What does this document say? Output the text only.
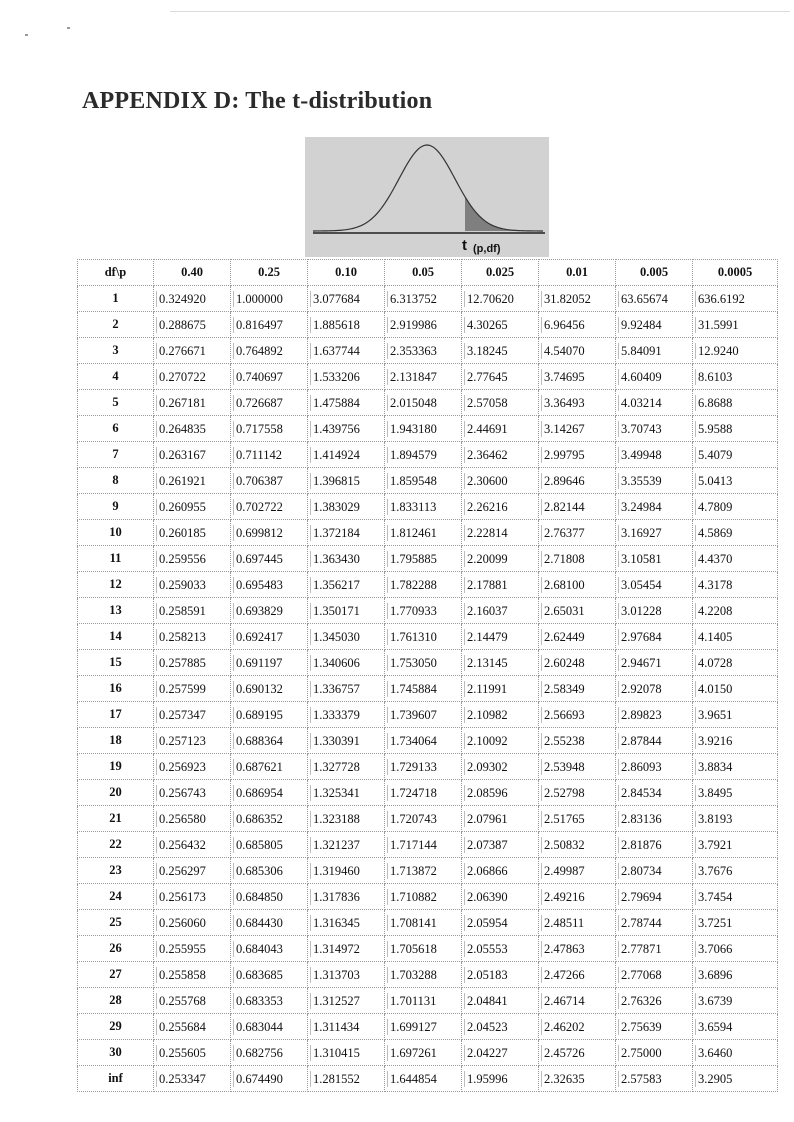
APPENDIX D: The t-distribution
t (p,df)
df\p	0.40	0.25	0.10	0.05	0.025	0.01	0.005	0.0005
1	0.324920	1.000000	3.077684	6.313752	12.70620	31.82052	63.65674	636.6192
2	0.288675	0.816497	1.885618	2.919986	4.30265	6.96456	9.92484	31.5991
3	0.276671	0.764892	1.637744	2.353363	3.18245	4.54070	5.84091	12.9240
4	0.270722	0.740697	1.533206	2.131847	2.77645	3.74695	4.60409	8.6103
5	0.267181	0.726687	1.475884	2.015048	2.57058	3.36493	4.03214	6.8688
6	0.264835	0.717558	1.439756	1.943180	2.44691	3.14267	3.70743	5.9588
7	0.263167	0.711142	1.414924	1.894579	2.36462	2.99795	3.49948	5.4079
8	0.261921	0.706387	1.396815	1.859548	2.30600	2.89646	3.35539	5.0413
9	0.260955	0.702722	1.383029	1.833113	2.26216	2.82144	3.24984	4.7809
10	0.260185	0.699812	1.372184	1.812461	2.22814	2.76377	3.16927	4.5869
11	0.259556	0.697445	1.363430	1.795885	2.20099	2.71808	3.10581	4.4370
12	0.259033	0.695483	1.356217	1.782288	2.17881	2.68100	3.05454	4.3178
13	0.258591	0.693829	1.350171	1.770933	2.16037	2.65031	3.01228	4.2208
14	0.258213	0.692417	1.345030	1.761310	2.14479	2.62449	2.97684	4.1405
15	0.257885	0.691197	1.340606	1.753050	2.13145	2.60248	2.94671	4.0728
16	0.257599	0.690132	1.336757	1.745884	2.11991	2.58349	2.92078	4.0150
17	0.257347	0.689195	1.333379	1.739607	2.10982	2.56693	2.89823	3.9651
18	0.257123	0.688364	1.330391	1.734064	2.10092	2.55238	2.87844	3.9216
19	0.256923	0.687621	1.327728	1.729133	2.09302	2.53948	2.86093	3.8834
20	0.256743	0.686954	1.325341	1.724718	2.08596	2.52798	2.84534	3.8495
21	0.256580	0.686352	1.323188	1.720743	2.07961	2.51765	2.83136	3.8193
22	0.256432	0.685805	1.321237	1.717144	2.07387	2.50832	2.81876	3.7921
23	0.256297	0.685306	1.319460	1.713872	2.06866	2.49987	2.80734	3.7676
24	0.256173	0.684850	1.317836	1.710882	2.06390	2.49216	2.79694	3.7454
25	0.256060	0.684430	1.316345	1.708141	2.05954	2.48511	2.78744	3.7251
26	0.255955	0.684043	1.314972	1.705618	2.05553	2.47863	2.77871	3.7066
27	0.255858	0.683685	1.313703	1.703288	2.05183	2.47266	2.77068	3.6896
28	0.255768	0.683353	1.312527	1.701131	2.04841	2.46714	2.76326	3.6739
29	0.255684	0.683044	1.311434	1.699127	2.04523	2.46202	2.75639	3.6594
30	0.255605	0.682756	1.310415	1.697261	2.04227	2.45726	2.75000	3.6460
inf	0.253347	0.674490	1.281552	1.644854	1.95996	2.32635	2.57583	3.2905
